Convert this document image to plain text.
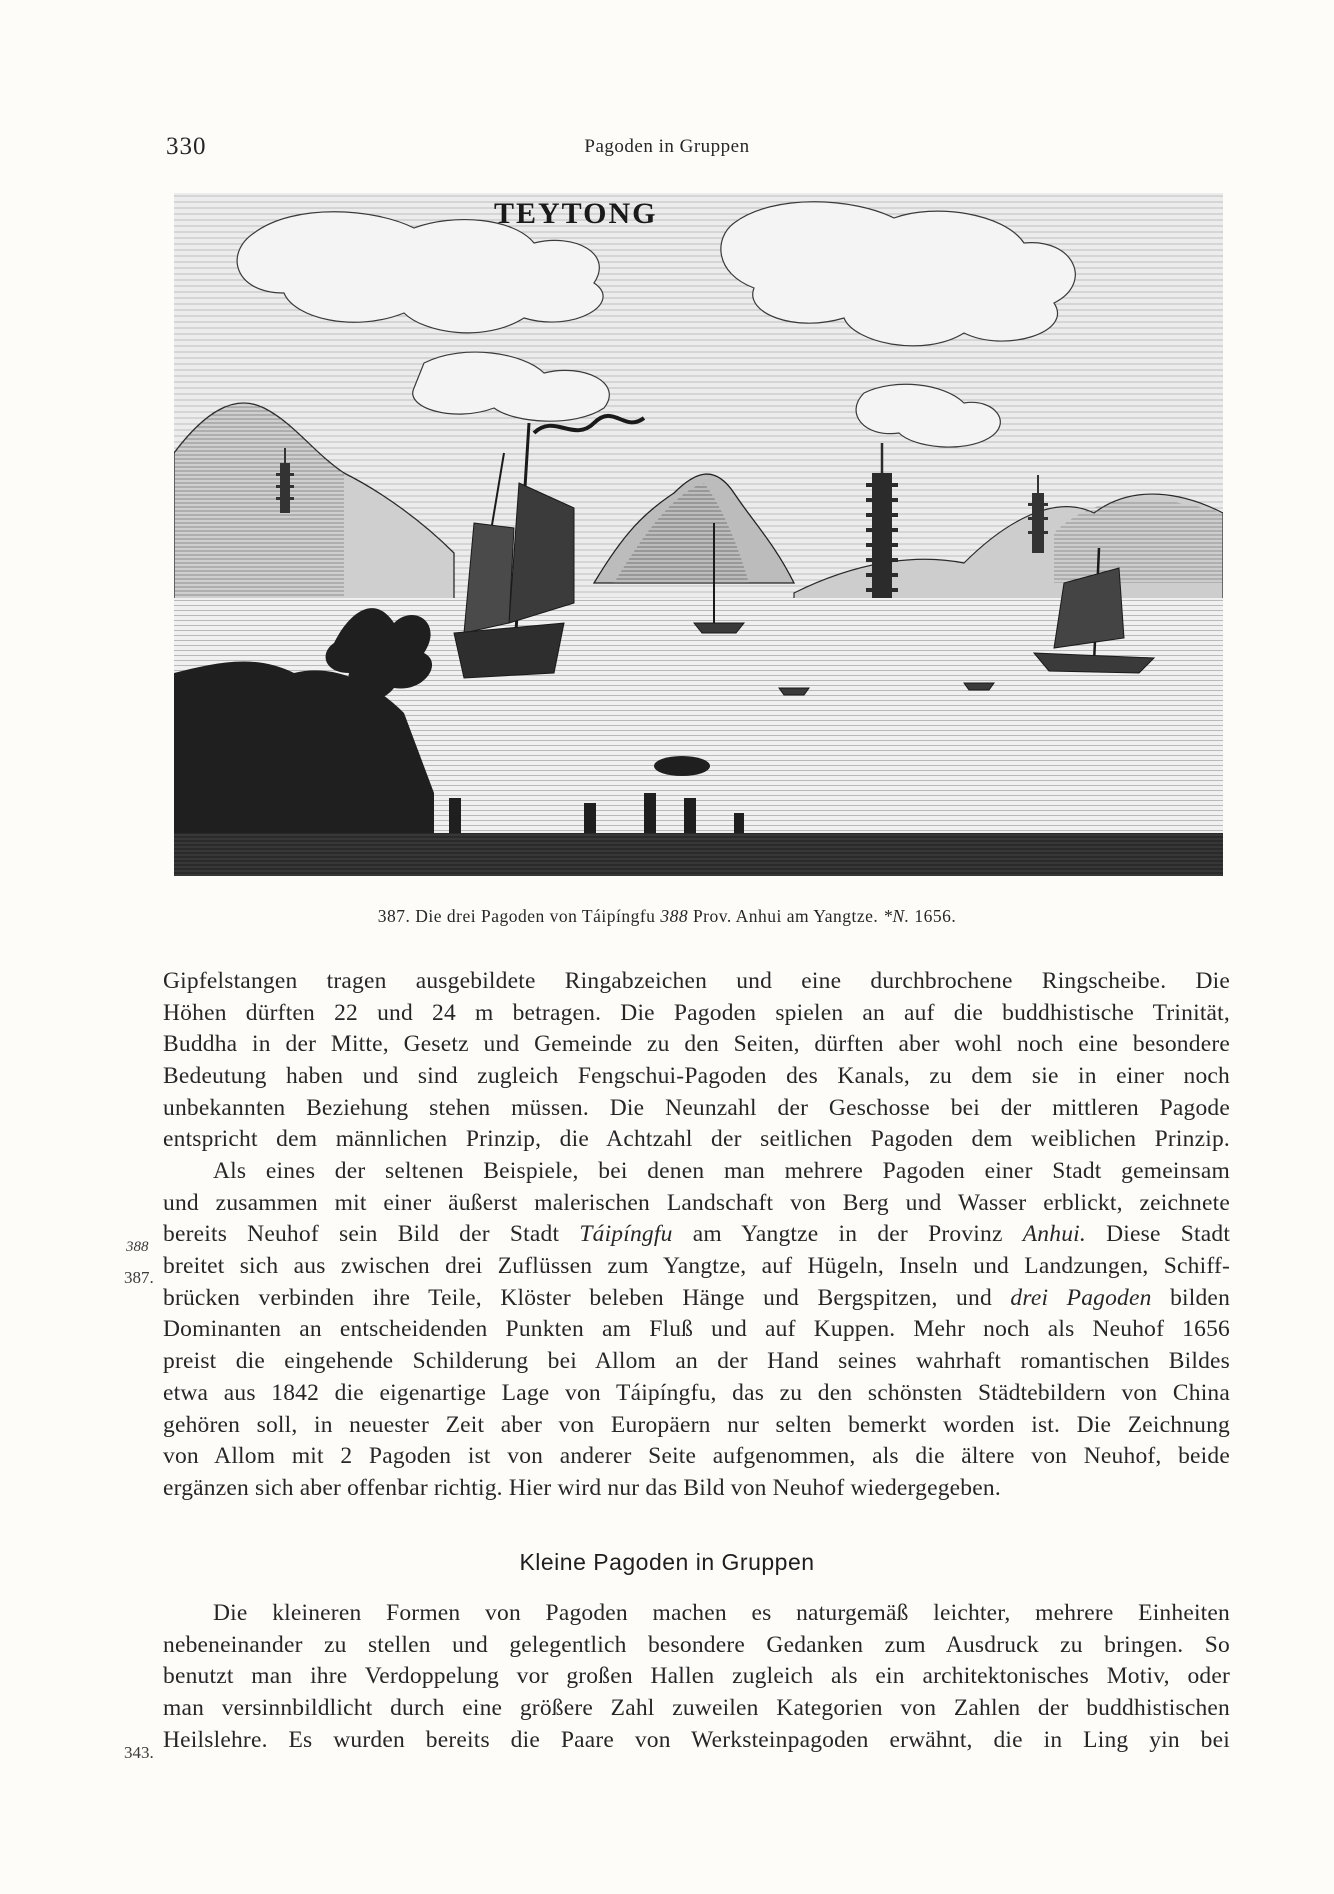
330	Pagoden in Gruppen
TEYTONG
387. Die drei Pagoden von Táipíngfu 388 Prov. Anhui am Yangtze. *N. 1656.
Gipfelstangen tragen ausgebildete Ringabzeichen und eine durchbrochene Ringscheibe. Die
Höhen dürften 22 und 24 m betragen. Die Pagoden spielen an auf die buddhistische Trinität,
Buddha in der Mitte, Gesetz und Gemeinde zu den Seiten, dürften aber wohl noch eine besondere
Bedeutung haben und sind zugleich Fengschui-Pagoden des Kanals, zu dem sie in einer noch
unbekannten Beziehung stehen müssen. Die Neunzahl der Geschosse bei der mittleren Pagode
entspricht dem männlichen Prinzip, die Achtzahl der seitlichen Pagoden dem weiblichen Prinzip.
Als eines der seltenen Beispiele, bei denen man mehrere Pagoden einer Stadt gemeinsam
und zusammen mit einer äußerst malerischen Landschaft von Berg und Wasser erblickt, zeichnete
bereits Neuhof sein Bild der Stadt Táipíngfu am Yangtze in der Provinz Anhui. Diese Stadt
breitet sich aus zwischen drei Zuflüssen zum Yangtze, auf Hügeln, Inseln und Landzungen, Schiff-
brücken verbinden ihre Teile, Klöster beleben Hänge und Bergspitzen, und drei Pagoden bilden
Dominanten an entscheidenden Punkten am Fluß und auf Kuppen. Mehr noch als Neuhof 1656
preist die eingehende Schilderung bei Allom an der Hand seines wahrhaft romantischen Bildes
etwa aus 1842 die eigenartige Lage von Táipíngfu, das zu den schönsten Städtebildern von China
gehören soll, in neuester Zeit aber von Europäern nur selten bemerkt worden ist. Die Zeichnung
von Allom mit 2 Pagoden ist von anderer Seite aufgenommen, als die ältere von Neuhof, beide
ergänzen sich aber offenbar richtig. Hier wird nur das Bild von Neuhof wiedergegeben.
388
387.
343.
Kleine Pagoden in Gruppen
Die kleineren Formen von Pagoden machen es naturgemäß leichter, mehrere Einheiten
nebeneinander zu stellen und gelegentlich besondere Gedanken zum Ausdruck zu bringen. So
benutzt man ihre Verdoppelung vor großen Hallen zugleich als ein architektonisches Motiv, oder
man versinnbildlicht durch eine größere Zahl zuweilen Kategorien von Zahlen der buddhistischen
Heilslehre. Es wurden bereits die Paare von Werksteinpagoden erwähnt, die in Ling yin bei
